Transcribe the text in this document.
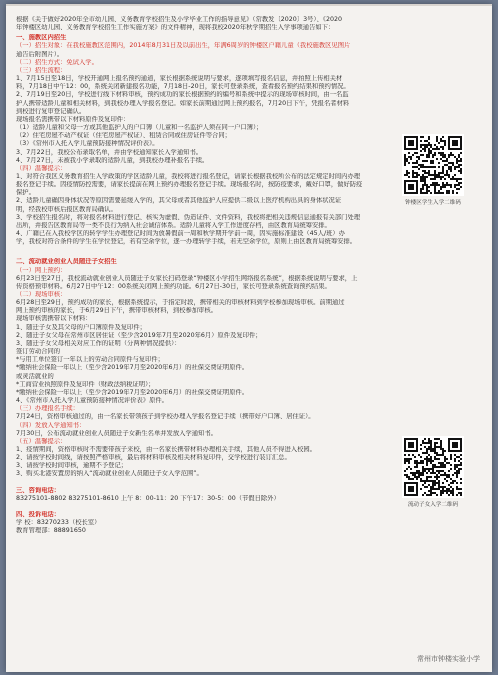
根据《关于做好2020年全市幼儿园、义务教育学校招生及小学毕业工作的指导意见》（常教发〔2020〕3号）、《2020
年钟楼区幼儿园、义务教育学校招生工作实施方案》的文件精神，现将我校2020年秋学期招生入学事项通告如下：
一、施教区内招生
（一）招生对象：在我校施教区范围内，2014年8月31日及以前出生，年满6周岁的钟楼区户籍儿童（我校施教区见图片
通告后附图片）。
（二）招生方式：免试入学。
（三）招生流程：
1、7月15日至18日，学校开通网上报名预约通道，家长根据系统说明与要求，逐项填写报名信息，并拍照上传相关材
料，7月18日中午12：00，系统关闭新建报名功能，7月18日-20日，家长可登录系统，查看报名预约结果和预约情况。
2、7月19日至20日，学校进行线下材料审核，预约成功的家长根据预约的编号和系统中提示的现场审核时间，由一名监
护人携带适龄儿童和相关材料，到我校办理入学报名登记。如家长前期通过网上预约报名，7月20日下午，凭报名者材料
到校进行复审登记确认。
现场报名需携带以下材料原件及复印件：
（1）适龄儿童和父母一方或其他监护人的户口簿（儿童和一名监护人须在同一户口簿）；
（2）住宅房屋不动产权证（住宅房屋产权证）、租赁合同或住房证件等合同；
（3）《常州市入托入学儿童预防接种情况评价表》。
3、7月22日，我校公布录取名单，并由学校通知家长入学通知书。
4、7月27日，未被我小学录取的适龄儿童，到我校办理补报名手续。
（四）温馨提示：
1、对符合我区义务教育招生入学政策的学区适龄儿童，我校将进行报名登记，请家长根据我校所公布的法定规定时间内办理
报名登记手续。因疫情防控需要，请家长提前在网上预约办理报名登记手续。现场报名时，按防疫要求，戴好口罩，做好防疫
保护。
2、适龄儿童确因身体状况等原因需要延缓入学的，其父母或者其他监护人应提供二级以上医疗机构出具的身体状况证
明，经我校审核后报区教育局确认。
3、学校招生报名时，将对报名材料进行登记、核实为虚假、伪造证件、文件资料，我校将把相关违规信息通报有关部门处理
出所，并报告区教育局等一类不良行为纳入社会诚信体系。适龄儿童将入学工作进度存档，由区教育局统筹安排。
4、广籍已在入我校学区的转学学生办理登记时间为放暑假前一周和秋学期开学前一周，因实施标准建设（45人/班）办
学，我校对符合条件的学生在学位登记，若有空余学位，逐一办理转学手续，若无空余学位，原则上由区教育局统筹安排。
二、流动就业创业人员随迁子女招生
（一）网上预约：
6月23日至27日，我校流动就业创业人员随迁子女家长扫码登录“钟楼区小学招生网络报名系统”，根据系统说明与要求，上
传资格预审材料。6月27日中午12：00系统关闭网上预约功能。6月27日-30日，家长可登录系统查询预约结果。
（二）现场审核：
6月28日至29日，预约成功的家长，根据系统提示，于指定时段，携带相关的审核材料到学校参加现场审核。前期通过
网上预约审核的家长，于6月29日下午，携带审核材料，到校参加审核。
现场审核需携带以下材料：
1、随迁子女及其父母的户口簿原件及复印件；
2、随迁子女父母在常州市区居住证（至少含2019年7月至2020年6月）原件及复印件；
3、随迁子女父母相关对应工作的证明（分两种情况提供）：
签订劳动合同的
*与用工单位签订一年以上的劳动合同原件与复印件；
*缴纳社会保险一年以上（至少含2019年7月至2020年6月）的社保交费证明原件。
或灵活就业的
*工商营业执照原件及复印件（财政法纳税证明）；
*缴纳社会保险一年以上（至少含2019年7月至2020年6月）的社保交费证明原件。
4、《常州市入托入学儿童预防接种情况评价表》原件。
（三）办理报名手续：
7月24日，资格审核通过的，由一名家长带领孩子到学校办理入学报名登记手续（携带好户口簿、居住证）。
（四）发放入学通知书：
7月30日，公布流动就业创业人员随迁子女新生名单并发放入学通知书。
（五）温馨提示：
1、疫情期间，资格审核时不需要带孩子来校，由一名家长携带材料办理相关手续，其他人员不得进入校园。
2、请按学校时间线，请按照严格审核，最后将材料审核及相关材料复印件，交学校进行装订汇总。
3、请按学校时间审核，逾期不予登记；
3、购买北港安置房的纳入“流动就业创业人员随迁子女入学范围”。
三、咨询电话：
83275101-8802 83275101-8610 上午 8：00-11：20 下午17：30-5：00（节假日除外）
四、投诉电话：
学 校：83270233（校长室）
教育管理部：88891650
钟楼区学生入学二维码
流动子女入学二维码
常州市钟楼实验小学
